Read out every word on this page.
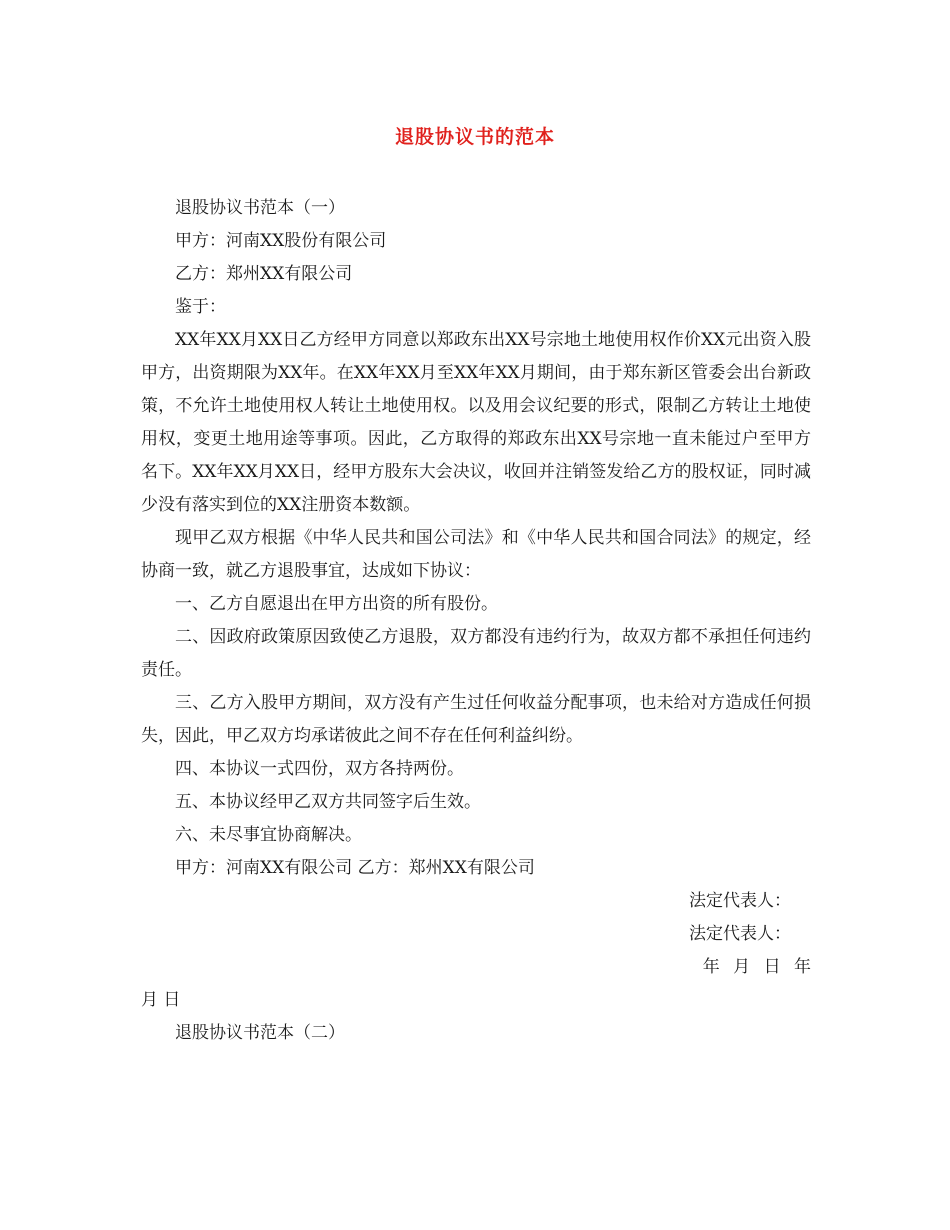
退股协议书的范本

退股协议书范本（一）

甲方：河南XX股份有限公司

乙方：郑州XX有限公司

鉴于：

XX年XX月XX日乙方经甲方同意以郑政东出XX号宗地土地使用权作价XX元出资入股甲方，出资期限为XX年。在XX年XX月至XX年XX月期间，由于郑东新区管委会出台新政策，不允许土地使用权人转让土地使用权。以及用会议纪要的形式，限制乙方转让土地使用权，变更土地用途等事项。因此，乙方取得的郑政东出XX号宗地一直未能过户至甲方名下。XX年XX月XX日，经甲方股东大会决议，收回并注销签发给乙方的股权证，同时减少没有落实到位的XX注册资本数额。

现甲乙双方根据《中华人民共和国公司法》和《中华人民共和国合同法》的规定，经协商一致，就乙方退股事宜，达成如下协议：

一、乙方自愿退出在甲方出资的所有股份。

二、因政府政策原因致使乙方退股，双方都没有违约行为，故双方都不承担任何违约责任。

三、乙方入股甲方期间，双方没有产生过任何收益分配事项，也未给对方造成任何损失，因此，甲乙双方均承诺彼此之间不存在任何利益纠纷。

四、本协议一式四份，双方各持两份。

五、本协议经甲乙双方共同签字后生效。

六、未尽事宜协商解决。

甲方：河南XX有限公司 乙方：郑州XX有限公司

法定代表人：

法定代表人：

年 月 日 年

月 日

退股协议书范本（二）
